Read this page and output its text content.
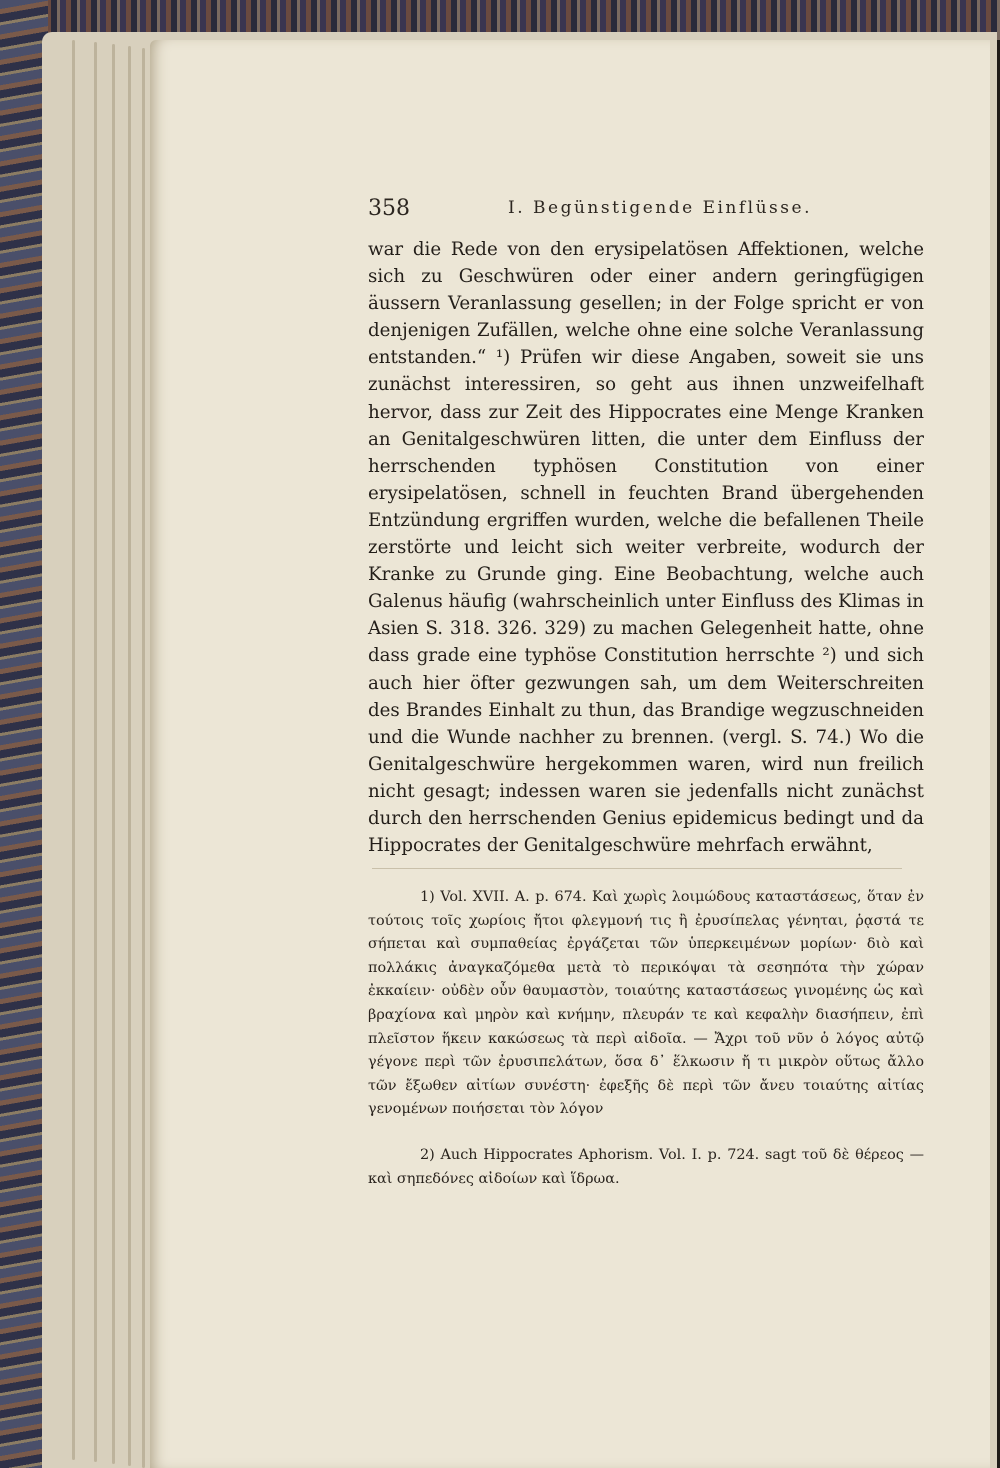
358	I. Begünstigende Einflüsse.

war die Rede von den erysipelatösen Affektionen, welche sich zu Geschwüren oder einer andern geringfügigen äussern Veranlassung gesellen; in der Folge spricht er von denjenigen Zufällen, welche ohne eine solche Veranlassung entstanden.“ ¹) Prüfen wir diese Angaben, soweit sie uns zunächst interessiren, so geht aus ihnen unzweifelhaft hervor, dass zur Zeit des Hippocrates eine Menge Kranken an Genitalgeschwüren litten, die unter dem Einfluss der herrschenden typhösen Constitution von einer erysipelatösen, schnell in feuchten Brand übergehenden Entzündung ergriffen wurden, welche die befallenen Theile zerstörte und leicht sich weiter verbreite, wodurch der Kranke zu Grunde ging. Eine Beobachtung, welche auch Galenus häufig (wahrscheinlich unter Einfluss des Klimas in Asien S. 318. 326. 329) zu machen Gelegenheit hatte, ohne dass grade eine typhöse Constitution herrschte ²) und sich auch hier öfter gezwungen sah, um dem Weiterschreiten des Brandes Einhalt zu thun, das Brandige wegzuschneiden und die Wunde nachher zu brennen. (vergl. S. 74.) Wo die Genitalgeschwüre hergekommen waren, wird nun freilich nicht gesagt; indessen waren sie jedenfalls nicht zunächst durch den herrschenden Genius epidemicus bedingt und da Hippocrates der Genitalgeschwüre mehrfach erwähnt,

1) Vol. XVII. A. p. 674. Καὶ χωρὶς λοιμώδους καταστάσεως, ὅταν ἐν τούτοις τοῖς χωρίοις ἤτοι φλεγμονή τις ἢ ἐρυσίπελας γένηται, ῥᾳστά τε σήπεται καὶ συμπαθείας ἐργάζεται τῶν ὑπερκειμένων μορίων· διὸ καὶ πολλάκις ἀναγκαζόμεθα μετὰ τὸ περικόψαι τὰ σεσηπότα τὴν χώραν ἐκκαίειν· οὐδὲν οὖν θαυμαστὸν, τοιαύτης καταστάσεως γινομένης ὡς καὶ βραχίονα καὶ μηρὸν καὶ κνήμην, πλευράν τε καὶ κεφαλὴν διασήπειν, ἐπὶ πλεῖστον ἥκειν κακώσεως τὰ περὶ αἰδοῖα. — Ἄχρι τοῦ νῦν ὁ λόγος αὐτῷ γέγονε περὶ τῶν ἐρυσιπελάτων, ὅσα δ᾽ ἕλκωσιν ἤ τι μικρὸν οὕτως ἄλλο τῶν ἔξωθεν αἰτίων συνέστη· ἐφεξῆς δὲ περὶ τῶν ἄνευ τοιαύτης αἰτίας γενομένων ποιήσεται τὸν λόγον

2) Auch Hippocrates Aphorism. Vol. I. p. 724. sagt τοῦ δὲ θέρεος — καὶ σηπεδόνες αἰδοίων καὶ ἵδρωα.
